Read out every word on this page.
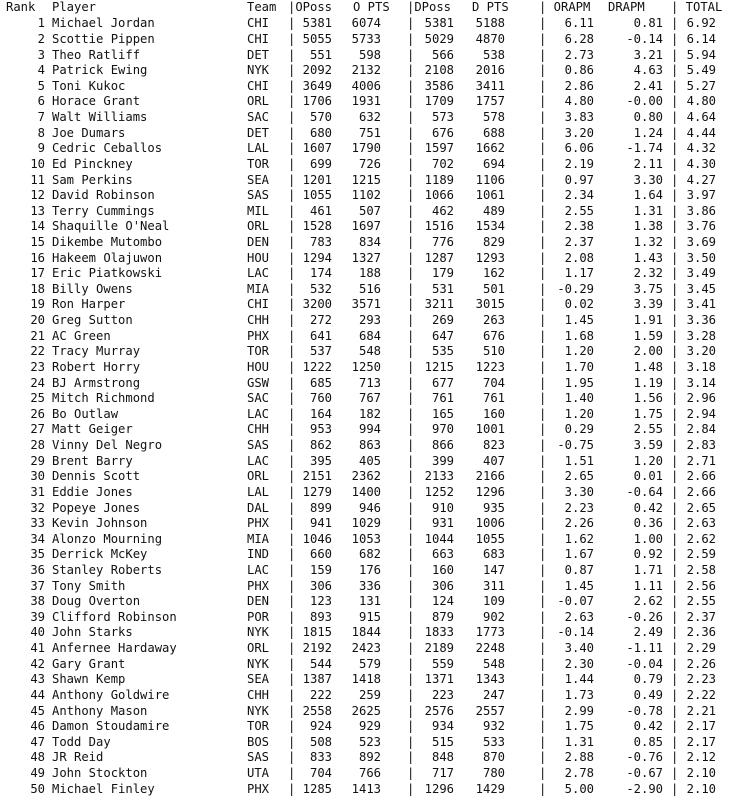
Rank Player	Team |OPoss O PTS |DPoss D PTS | ORAPM DRAPM | TOTAL
1 Michael Jordan	CHI	| 5381	6074 | 5381	5188	|	6.11	0.81 | 6.92
2 Scottie Pippen	CHI	| 5055	5733 | 5029	4870	|	6.28	-0.14 | 6.14
3 Theo Ratliff	DET	|	551	598 |	566	538	|	2.73	3.21 | 5.94
4 Patrick Ewing	NYK	| 2092	2132 | 2108	2016	|	0.86	4.63 | 5.49
5 Toni Kukoc	CHI	| 3649	4006 | 3586	3411	|	2.86	2.41 | 5.27
6 Horace Grant	ORL	| 1706	1931 | 1709	1757	|	4.80	-0.00 | 4.80
7 Walt Williams	SAC	|	570	632 |	573	578	|	3.83	0.80 | 4.64
8 Joe Dumars	DET	|	680	751 |	676	688	|	3.20	1.24 | 4.44
9 Cedric Ceballos	LAL	| 1607	1790 | 1597	1662	|	6.06	-1.74 | 4.32
10 Ed Pinckney	TOR	|	699	726 |	702	694	|	2.19	2.11 | 4.30
11 Sam Perkins	SEA	| 1201	1215 | 1189	1106	|	0.97	3.30 | 4.27
12 David Robinson	SAS	| 1055	1102 | 1066	1061	|	2.34	1.64 | 3.97
13 Terry Cummings	MIL	|	461	507 |	462	489	|	2.55	1.31 | 3.86
14 Shaquille O'Neal	ORL	| 1528	1697 | 1516	1534	|	2.38	1.38 | 3.76
15 Dikembe Mutombo	DEN	|	783	834 |	776	829	|	2.37	1.32 | 3.69
16 Hakeem Olajuwon	HOU	| 1294	1327 | 1287	1293	|	2.08	1.43 | 3.50
17 Eric Piatkowski	LAC	|	174	188 |	179	162	|	1.17	2.32 | 3.49
18 Billy Owens	MIA	|	532	516 |	531	501	| -0.29	3.75 | 3.45
19 Ron Harper	CHI	| 3200	3571 | 3211	3015	|	0.02	3.39 | 3.41
20 Greg Sutton	CHH	|	272	293 |	269	263	|	1.45	1.91 | 3.36
21 AC Green	PHX	|	641	684 |	647	676	|	1.68	1.59 | 3.28
22 Tracy Murray	TOR	|	537	548 |	535	510	|	1.20	2.00 | 3.20
23 Robert Horry	HOU	| 1222	1250 | 1215	1223	|	1.70	1.48 | 3.18
24 BJ Armstrong	GSW	|	685	713 |	677	704	|	1.95	1.19 | 3.14
25 Mitch Richmond	SAC	|	760	767 |	761	761	|	1.40	1.56 | 2.96
26 Bo Outlaw	LAC	|	164	182 |	165	160	|	1.20	1.75 | 2.94
27 Matt Geiger	CHH	|	953	994 |	970	1001	|	0.29	2.55 | 2.84
28 Vinny Del Negro	SAS	|	862	863 |	866	823	| -0.75	3.59 | 2.83
29 Brent Barry	LAC	|	395	405 |	399	407	|	1.51	1.20 | 2.71
30 Dennis Scott	ORL	| 2151	2362 | 2133	2166	|	2.65	0.01 | 2.66
31 Eddie Jones	LAL	| 1279	1400 | 1252	1296	|	3.30	-0.64 | 2.66
32 Popeye Jones	DAL	|	899	946 |	910	935	|	2.23	0.42 | 2.65
33 Kevin Johnson	PHX	|	941	1029 |	931	1006	|	2.26	0.36 | 2.63
34 Alonzo Mourning	MIA	| 1046	1053 | 1044	1055	|	1.62	1.00 | 2.62
35 Derrick McKey	IND	|	660	682 |	663	683	|	1.67	0.92 | 2.59
36 Stanley Roberts	LAC	|	159	176 |	160	147	|	0.87	1.71 | 2.58
37 Tony Smith	PHX	|	306	336 |	306	311	|	1.45	1.11 | 2.56
38 Doug Overton	DEN	|	123	131 |	124	109	| -0.07	2.62 | 2.55
39 Clifford Robinson	POR	|	893	915 |	879	902	|	2.63	-0.26 | 2.37
40 John Starks	NYK	| 1815	1844 | 1833	1773	| -0.14	2.49 | 2.36
41 Anfernee Hardaway	ORL	| 2192	2423 | 2189	2248	|	3.40	-1.11 | 2.29
42 Gary Grant	NYK	|	544	579 |	559	548	|	2.30	-0.04 | 2.26
43 Shawn Kemp	SEA	| 1387	1418 | 1371	1343	|	1.44	0.79 | 2.23
44 Anthony Goldwire	CHH	|	222	259 |	223	247	|	1.73	0.49 | 2.22
45 Anthony Mason	NYK	| 2558	2625 | 2576	2557	|	2.99	-0.78 | 2.21
46 Damon Stoudamire	TOR	|	924	929 |	934	932	|	1.75	0.42 | 2.17
47 Todd Day	BOS	|	508	523 |	515	533	|	1.31	0.85 | 2.17
48 JR Reid	SAS	|	833	892 |	848	870	|	2.88	-0.76 | 2.12
49 John Stockton	UTA	|	704	766 |	717	780	|	2.78	-0.67 | 2.10
50 Michael Finley	PHX	| 1285	1413 | 1296	1429	|	5.00	-2.90 | 2.10
